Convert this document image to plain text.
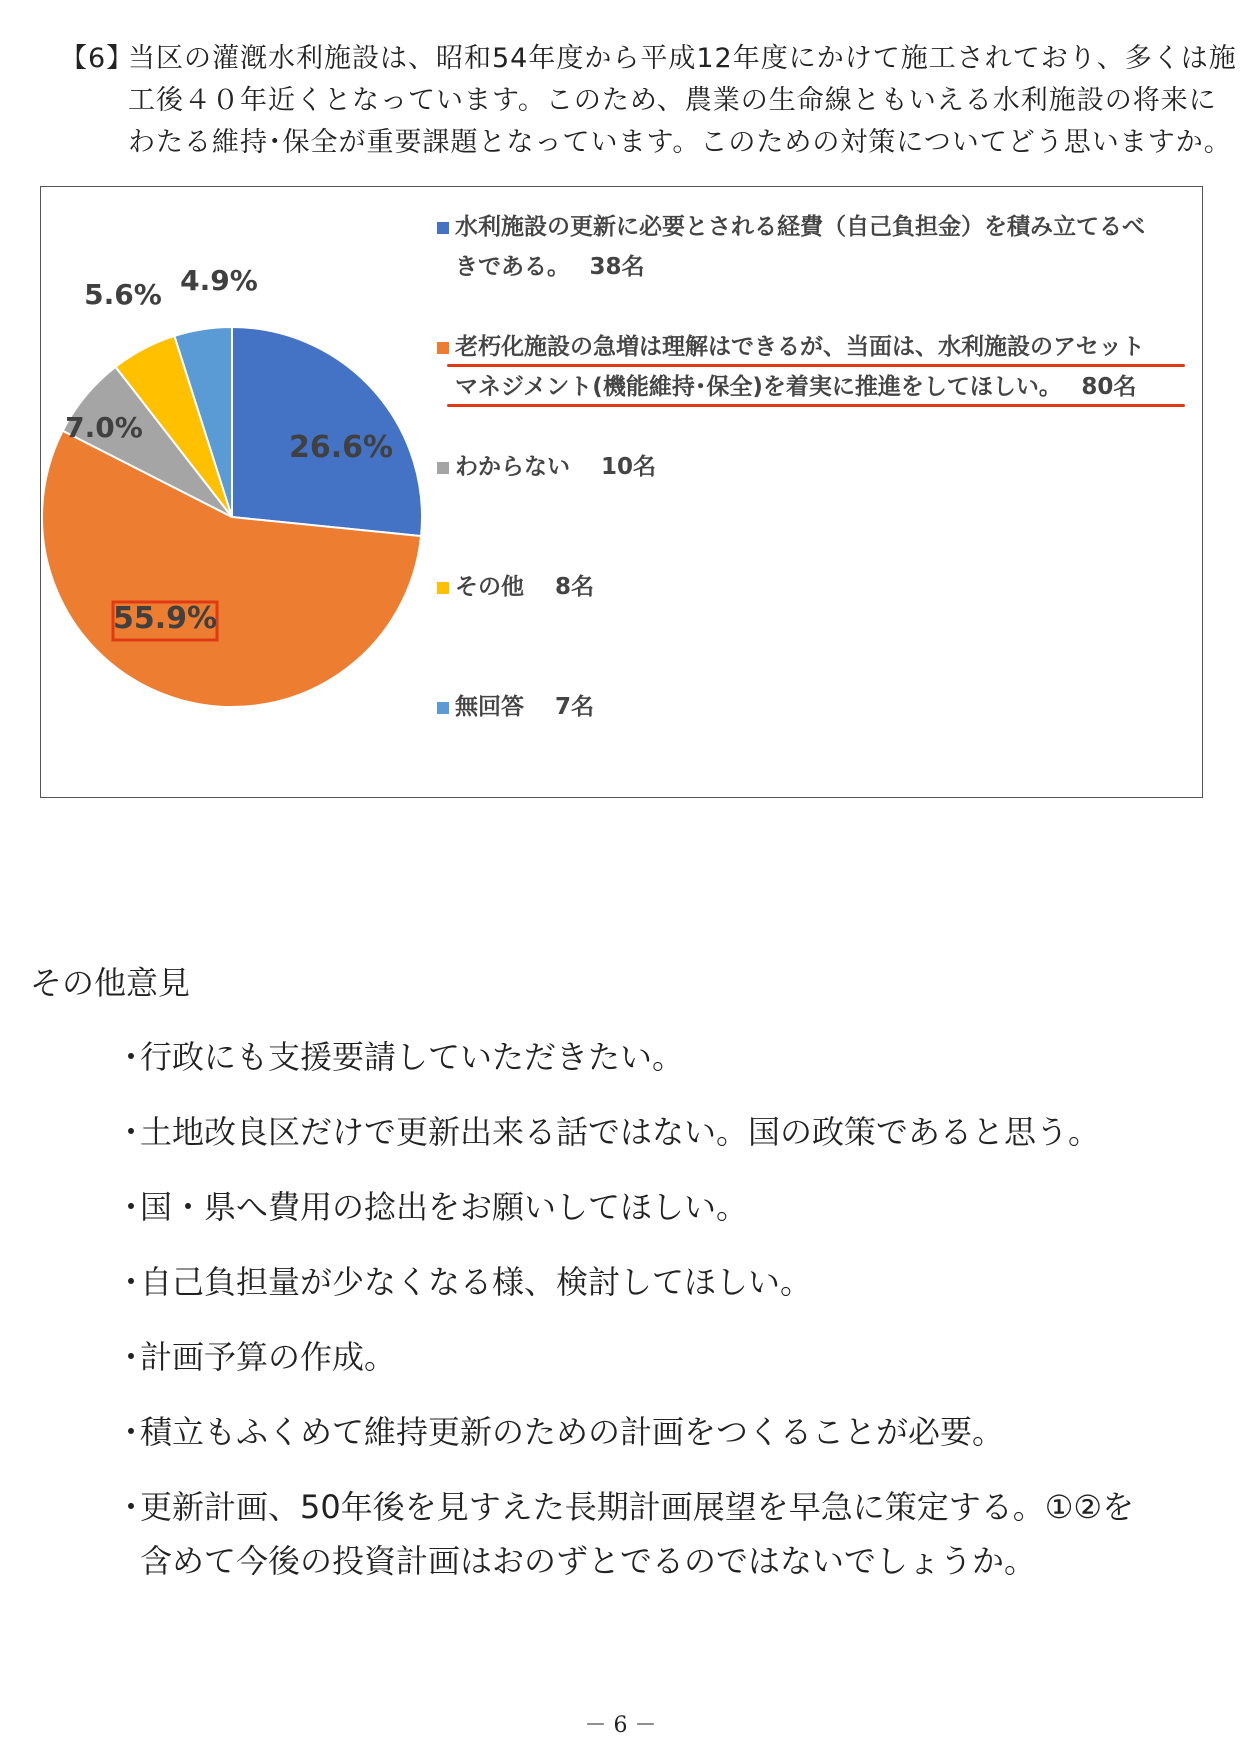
【6】

当区の灌漑水利施設は、昭和54年度から平成12年度にかけて施工されており、多くは施
工後４０年近くとなっています。このため、農業の生命線ともいえる水利施設の将来に
わたる維持･保全が重要課題となっています。このための対策についてどう思いますか。

26.6%
55.9%
7.0%
5.6% 4.9%
水利施設の更新に必要とされる経費（自己負担金）を積み立てるべ
きである。　 38名
老朽化施設の急増は理解はできるが、当面は、水利施設のアセット
マネジメント(機能維持･保全)を着実に推進をしてほしい。　 80名
わからない　 10名
その他　 8名
無回答　 7名
その他意見
・
行政にも支援要請していただきたい。
・
土地改良区だけで更新出来る話ではない。国の政策であると思う。
・
国・県へ費用の捻出をお願いしてほしい。
・
自己負担量が少なくなる様、検討してほしい。
・
計画予算の作成。
・
積立もふくめて維持更新のための計画をつくることが必要。
・
更新計画、50年後を見すえた長期計画展望を早急に策定する。①②を
含めて今後の投資計画はおのずとでるのではないでしょうか。
－ 6 －
